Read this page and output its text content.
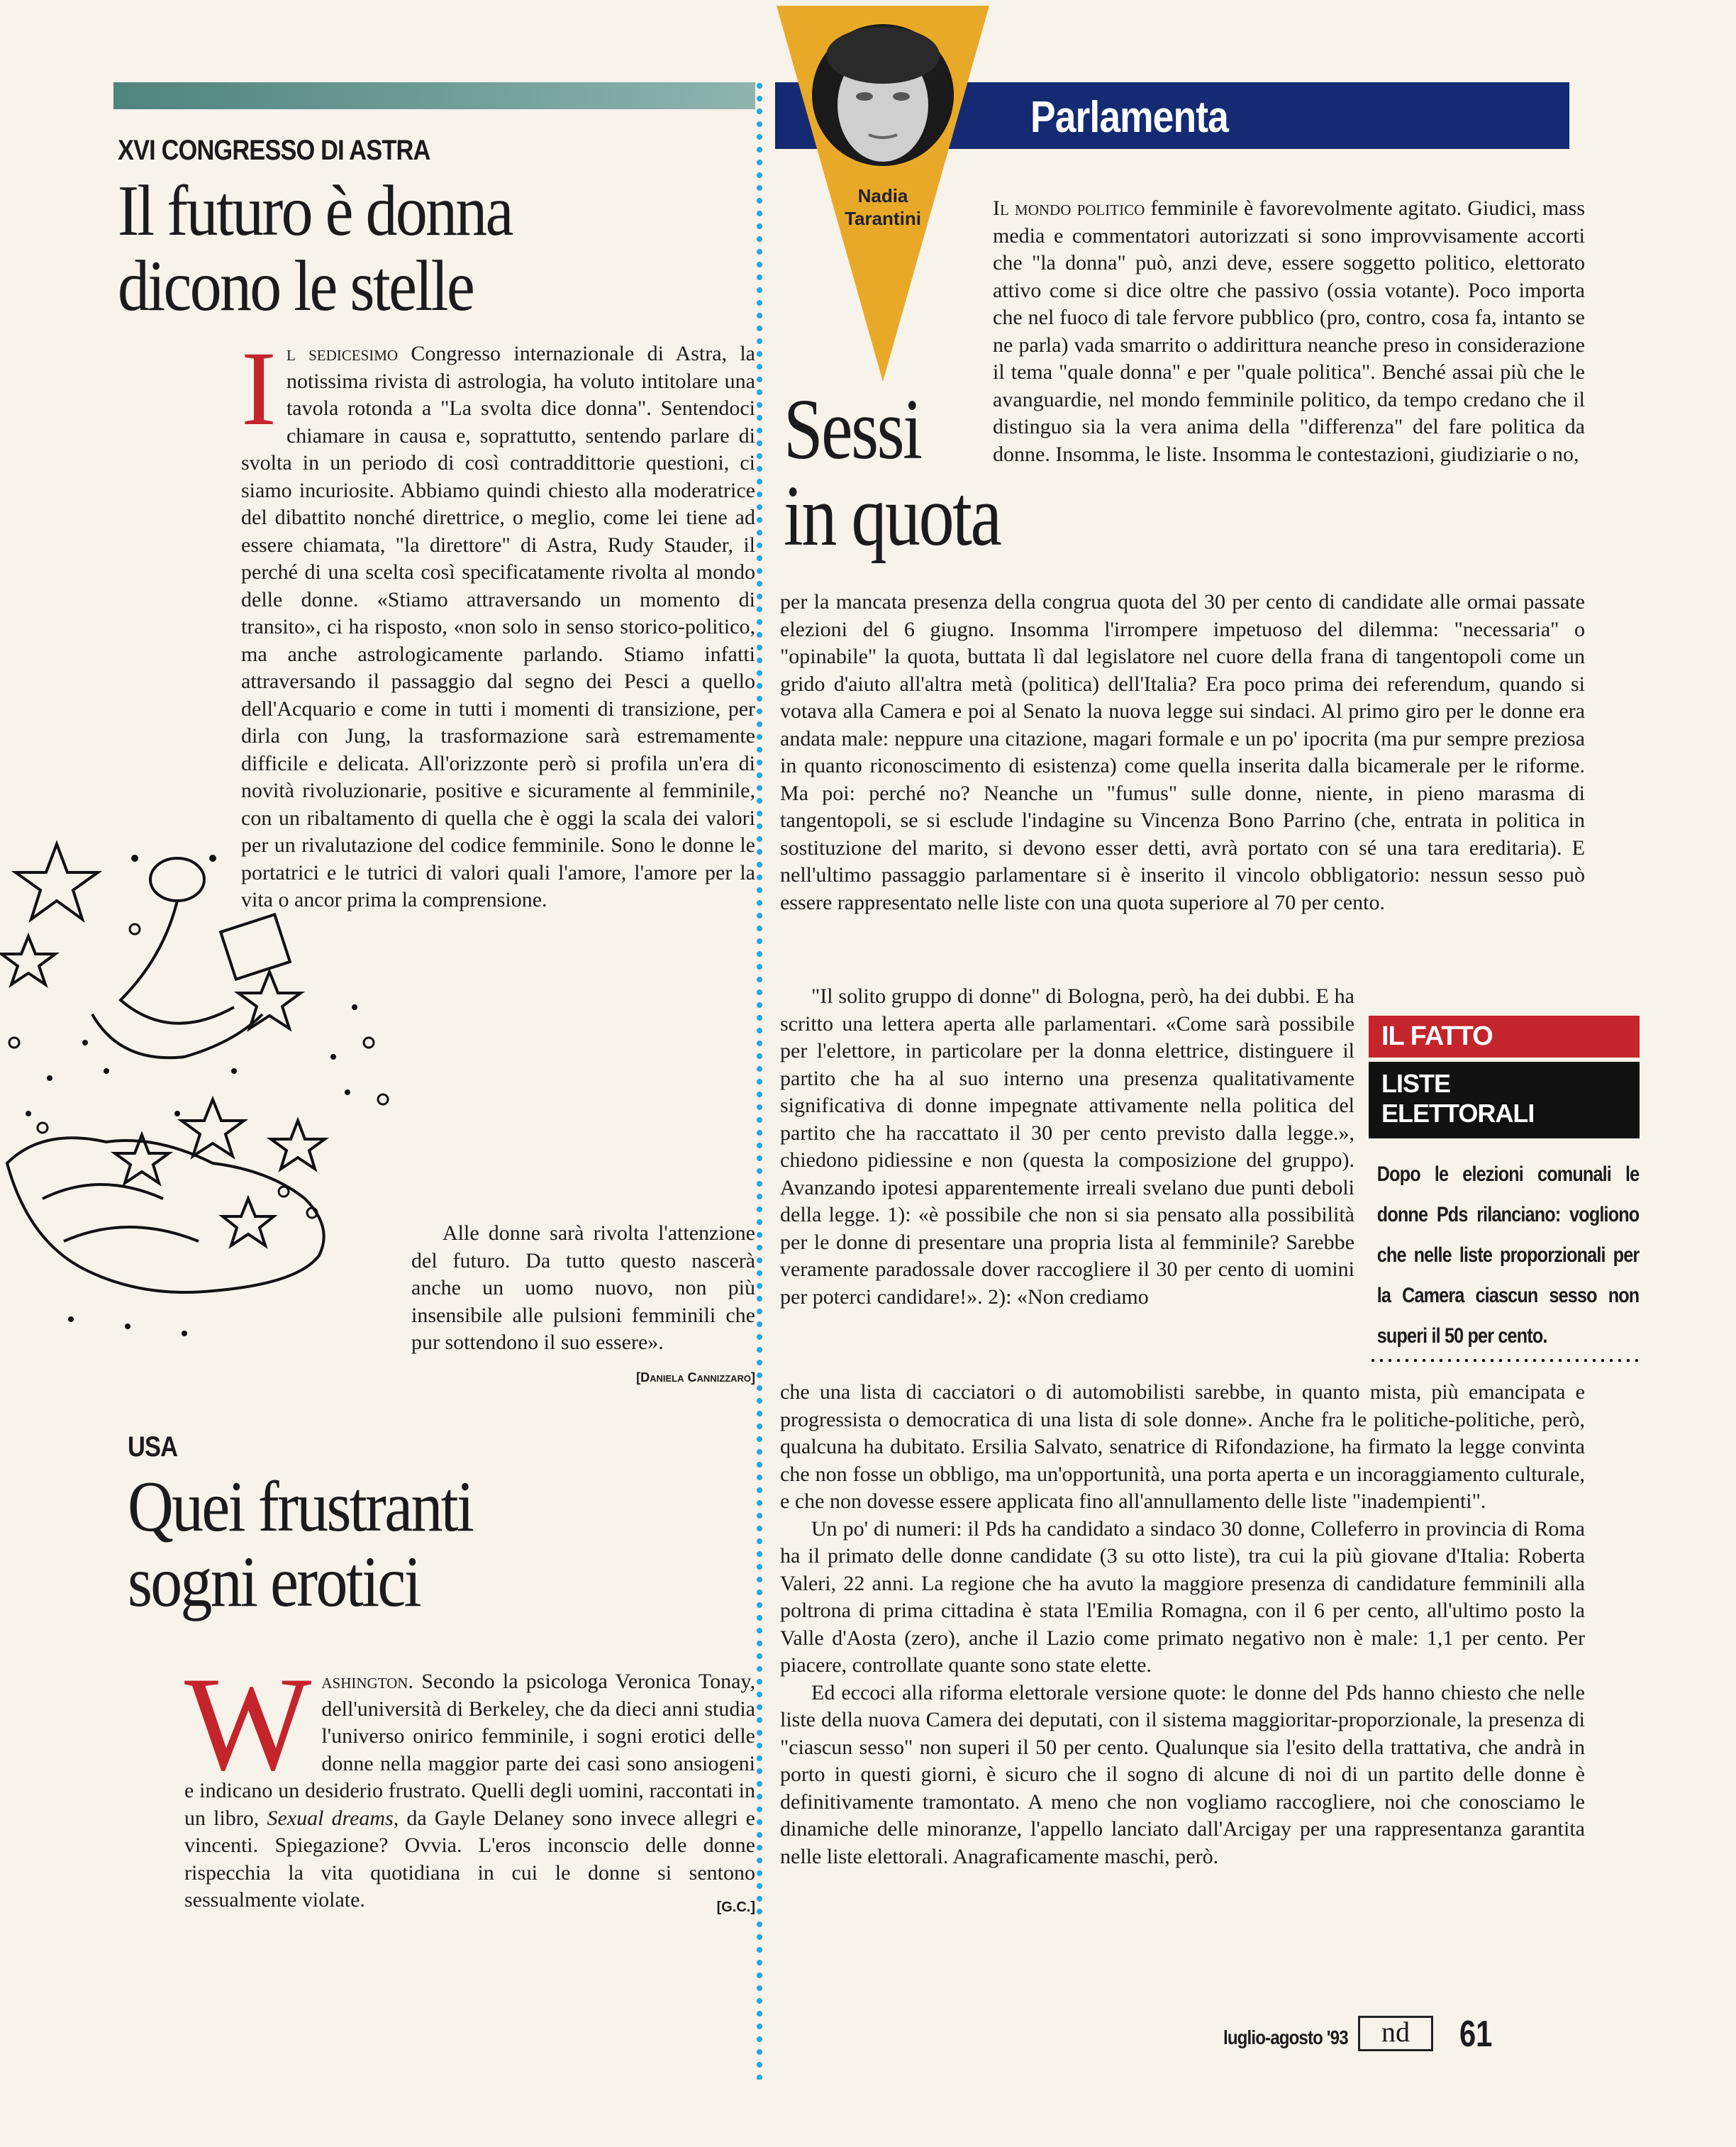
Parlamenta
Nadia
Tarantini
XVI CONGRESSO DI ASTRA
Il futuro è donna
dicono le stelle

Il sedicesimo Congresso internazionale di Astra, la notissima rivista di astrologia, ha voluto intitolare una tavola rotonda a "La svolta dice donna". Sentendoci chiamare in causa e, soprattutto, sentendo parlare di svolta in un periodo di così contraddittorie questioni, ci siamo incuriosite. Abbiamo quindi chiesto alla moderatrice del dibattito nonché direttrice, o meglio, come lei tiene ad essere chiamata, "la direttore" di Astra, Rudy Stauder, il perché di una scelta così specificatamente rivolta al mondo delle donne. «Stiamo attraversando un momento di transito», ci ha risposto, «non solo in senso storico-politico, ma anche astrologicamente parlando. Stiamo infatti attraversando il passaggio dal segno dei Pesci a quello dell'Acquario e come in tutti i momenti di transizione, per dirla con Jung, la trasformazione sarà estremamente difficile e delicata. All'orizzonte però si profila un'era di novità rivoluzionarie, positive e sicuramente al femminile, con un ribaltamento di quella che è oggi la scala dei valori per un rivalutazione del codice femminile. Sono le donne le portatrici e le tutrici di valori quali l'amore, l'amore per la vita o ancor prima la comprensione.

Alle donne sarà rivolta l'attenzione del futuro. Da tutto questo nascerà anche un uomo nuovo, non più insensibile alle pulsioni femminili che pur sottendono il suo essere».
[Daniela Cannizzaro]

USA
Quei frustranti
sogni erotici

Washington. Secondo la psicologa Veronica Tonay, dell'università di Berkeley, che da dieci anni studia l'universo onirico femminile, i sogni erotici delle donne nella maggior parte dei casi sono ansiogeni e indicano un desiderio frustrato. Quelli degli uomini, raccontati in un libro, Sexual dreams, da Gayle Delaney sono invece allegri e vincenti. Spiegazione? Ovvia. L'eros inconscio delle donne rispecchia la vita quotidiana in cui le donne si sentono sessualmente violate.	[G.C.]

Sessi
in quota

Il mondo politico femminile è favorevolmente agitato. Giudici, mass media e commentatori autorizzati si sono improvvisamente accorti che "la donna" può, anzi deve, essere soggetto politico, elettorato attivo come si dice oltre che passivo (ossia votante). Poco importa che nel fuoco di tale fervore pubblico (pro, contro, cosa fa, intanto se ne parla) vada smarrito o addirittura neanche preso in considerazione il tema "quale donna" e per "quale politica". Benché assai più che le avanguardie, nel mondo femminile politico, da tempo credano che il distinguo sia la vera anima della "differenza" del fare politica da donne. Insomma, le liste. Insomma le contestazioni, giudiziarie o no,

per la mancata presenza della congrua quota del 30 per cento di candidate alle ormai passate elezioni del 6 giugno. Insomma l'irrompere impetuoso del dilemma: "necessaria" o "opinabile" la quota, buttata lì dal legislatore nel cuore della frana di tangentopoli come un grido d'aiuto all'altra metà (politica) dell'Italia? Era poco prima dei referendum, quando si votava alla Camera e poi al Senato la nuova legge sui sindaci. Al primo giro per le donne era andata male: neppure una citazione, magari formale e un po' ipocrita (ma pur sempre preziosa in quanto riconoscimento di esistenza) come quella inserita dalla bicamerale per le riforme. Ma poi: perché no? Neanche un "fumus" sulle donne, niente, in pieno marasma di tangentopoli, se si esclude l'indagine su Vincenza Bono Parrino (che, entrata in politica in sostituzione del marito, si devono esser detti, avrà portato con sé una tara ereditaria). E nell'ultimo passaggio parlamentare si è inserito il vincolo obbligatorio: nessun sesso può essere rappresentato nelle liste con una quota superiore al 70 per cento.

"Il solito gruppo di donne" di Bologna, però, ha dei dubbi. E ha scritto una lettera aperta alle parlamentari. «Come sarà possibile per l'elettore, in particolare per la donna elettrice, distinguere il partito che ha al suo interno una presenza qualitativamente significativa di donne impegnate attivamente nella politica del partito che ha raccattato il 30 per cento previsto dalla legge.», chiedono pidiessine e non (questa la composizione del gruppo). Avanzando ipotesi apparentemente irreali svelano due punti deboli della legge. 1): «è possibile che non si sia pensato alla possibilità per le donne di presentare una propria lista al femminile? Sarebbe veramente paradossale dover raccogliere il 30 per cento di uomini per poterci candidare!». 2): «Non crediamo

che una lista di cacciatori o di automobilisti sarebbe, in quanto mista, più emancipata e progressista o democratica di una lista di sole donne». Anche fra le politiche-politiche, però, qualcuna ha dubitato. Ersilia Salvato, senatrice di Rifondazione, ha firmato la legge convinta che non fosse un obbligo, ma un'opportunità, una porta aperta e un incoraggiamento culturale, e che non dovesse essere applicata fino all'annullamento delle liste "inadempienti".

Un po' di numeri: il Pds ha candidato a sindaco 30 donne, Colleferro in provincia di Roma ha il primato delle donne candidate (3 su otto liste), tra cui la più giovane d'Italia: Roberta Valeri, 22 anni. La regione che ha avuto la maggiore presenza di candidature femminili alla poltrona di prima cittadina è stata l'Emilia Romagna, con il 6 per cento, all'ultimo posto la Valle d'Aosta (zero), anche il Lazio come primato negativo non è male: 1,1 per cento. Per piacere, controllate quante sono state elette.

Ed eccoci alla riforma elettorale versione quote: le donne del Pds hanno chiesto che nelle liste della nuova Camera dei deputati, con il sistema maggioritar-proporzionale, la presenza di "ciascun sesso" non superi il 50 per cento. Qualunque sia l'esito della trattativa, che andrà in porto in questi giorni, è sicuro che il sogno di alcune di noi di un partito delle donne è definitivamente tramontato. A meno che non vogliamo raccogliere, noi che conosciamo le dinamiche delle minoranze, l'appello lanciato dall'Arcigay per una rappresentanza garantita nelle liste elettorali. Anagraficamente maschi, però.

IL FATTO
LISTE
ELETTORALI
Dopo le elezioni comunali le donne Pds rilanciano: vogliono che nelle liste proporzionali per la Camera ciascun sesso non superi il 50 per cento.
luglio-agosto '93	nd	61
